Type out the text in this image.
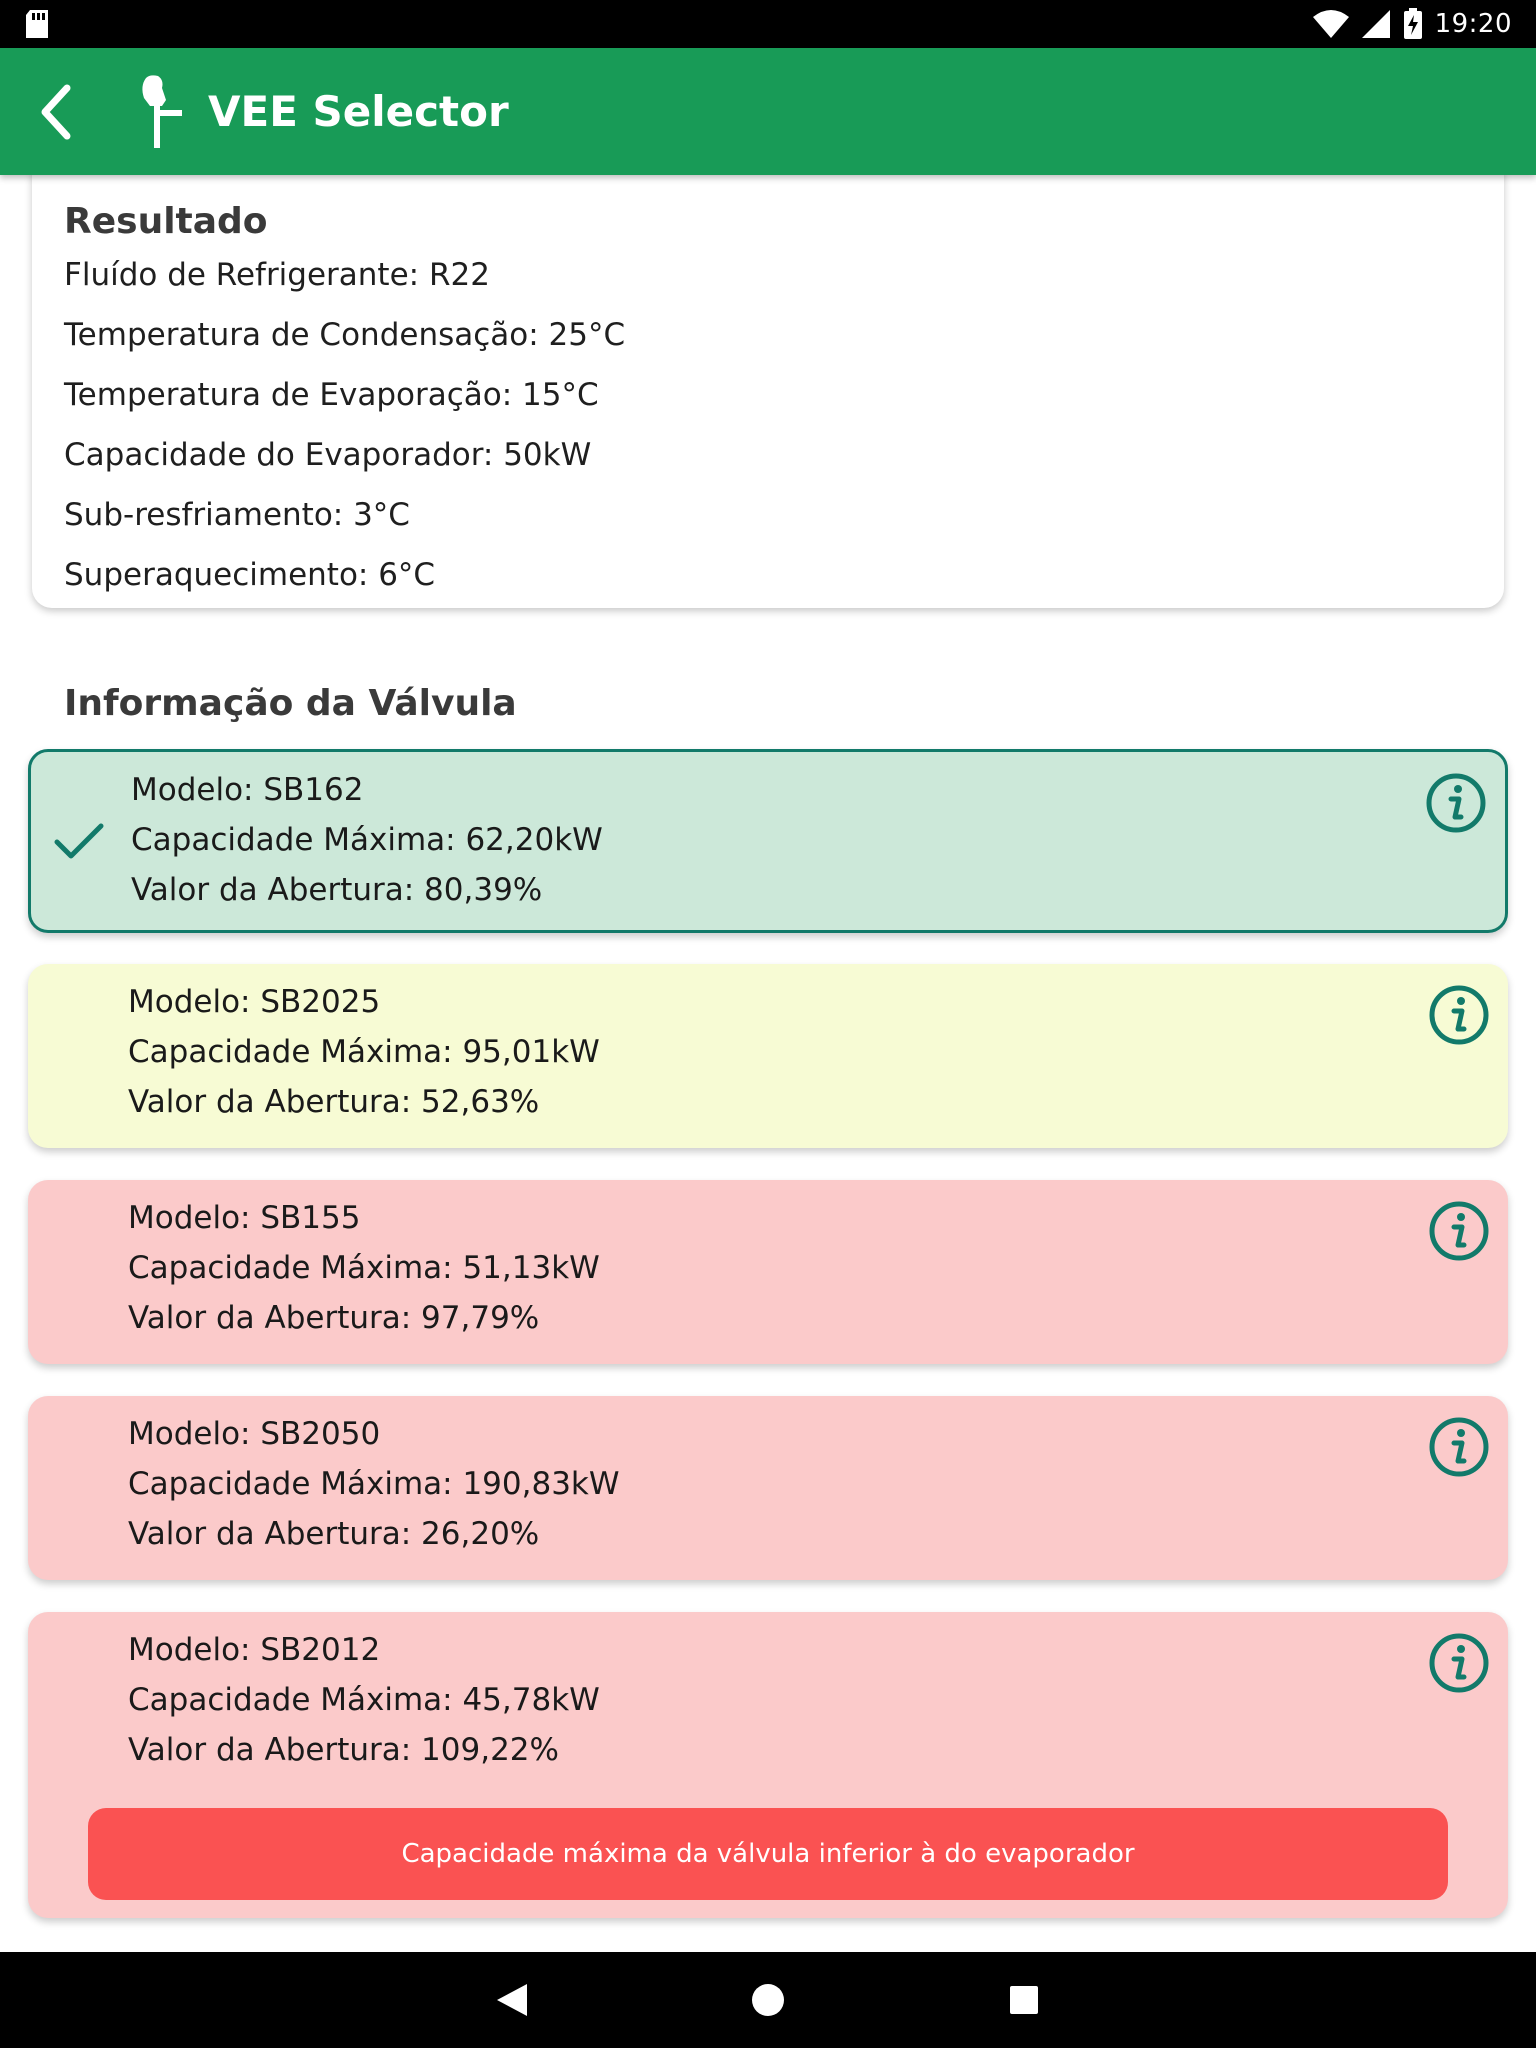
19:20
VEE Selector
Resultado
Fluído de Refrigerante: R22
Temperatura de Condensação: 25°C
Temperatura de Evaporação: 15°C
Capacidade do Evaporador: 50kW
Sub-resfriamento: 3°C
Superaquecimento: 6°C
Informação da Válvula
Modelo: SB162
Capacidade Máxima: 62,20kW
Valor da Abertura: 80,39%
Modelo: SB2025
Capacidade Máxima: 95,01kW
Valor da Abertura: 52,63%
Modelo: SB155
Capacidade Máxima: 51,13kW
Valor da Abertura: 97,79%
Modelo: SB2050
Capacidade Máxima: 190,83kW
Valor da Abertura: 26,20%
Modelo: SB2012
Capacidade Máxima: 45,78kW
Valor da Abertura: 109,22%
Capacidade máxima da válvula inferior à do evaporador
